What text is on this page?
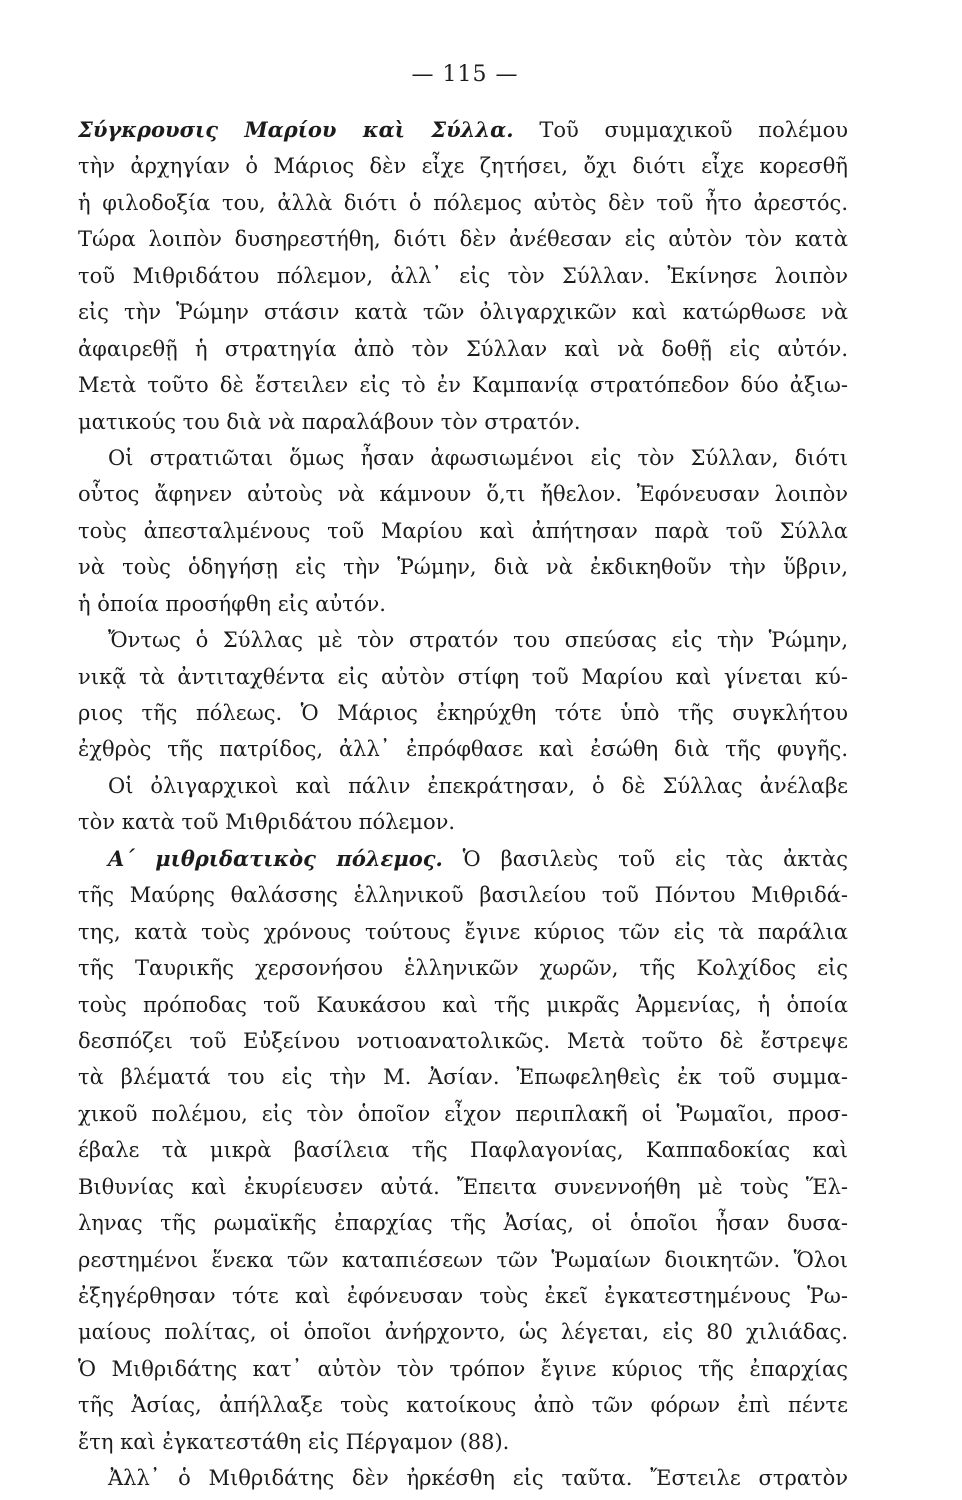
— 115 —
Σύγκρουσις Μαρίου καὶ Σύλλα. Τοῦ συμμαχικοῦ πολέμου
τὴν ἀρχηγίαν ὁ Μάριος δὲν εἶχε ζητήσει, ὄχι διότι εἶχε κορεσθῆ
ἡ φιλοδοξία του, ἀλλὰ διότι ὁ πόλεμος αὐτὸς δὲν τοῦ ἦτο ἀρεστός.
Τώρα λοιπὸν δυσηρεστήθη, διότι δὲν ἀνέθεσαν εἰς αὐτὸν τὸν κατὰ
τοῦ Μιθριδάτου πόλεμον, ἀλλ᾽ εἰς τὸν Σύλλαν. Ἐκίνησε λοιπὸν
εἰς τὴν Ῥώμην στάσιν κατὰ τῶν ὀλιγαρχικῶν καὶ κατώρθωσε νὰ
ἀφαιρεθῇ ἡ στρατηγία ἀπὸ τὸν Σύλλαν καὶ νὰ δοθῇ εἰς αὐτόν.
Μετὰ τοῦτο δὲ ἔστειλεν εἰς τὸ ἐν Καμπανίᾳ στρατόπεδον δύο ἀξιω-
ματικούς του διὰ νὰ παραλάβουν τὸν στρατόν.
Οἱ στρατιῶται ὅμως ἦσαν ἀφωσιωμένοι εἰς τὸν Σύλλαν, διότι
οὗτος ἄφηνεν αὐτοὺς νὰ κάμνουν ὅ,τι ἤθελον. Ἐφόνευσαν λοιπὸν
τοὺς ἀπεσταλμένους τοῦ Μαρίου καὶ ἀπήτησαν παρὰ τοῦ Σύλλα
νὰ τοὺς ὁδηγήσῃ εἰς τὴν Ῥώμην, διὰ νὰ ἐκδικηθοῦν τὴν ὕβριν,
ἡ ὁποία προσήφθη εἰς αὐτόν.
Ὄντως ὁ Σύλλας μὲ τὸν στρατόν του σπεύσας εἰς τὴν Ῥώμην,
νικᾷ τὰ ἀντιταχθέντα εἰς αὐτὸν στίφη τοῦ Μαρίου καὶ γίνεται κύ-
ριος τῆς πόλεως. Ὁ Μάριος ἐκηρύχθη τότε ὑπὸ τῆς συγκλήτου
ἐχθρὸς τῆς πατρίδος, ἀλλ᾽ ἐπρόφθασε καὶ ἐσώθη διὰ τῆς φυγῆς.
Οἱ ὀλιγαρχικοὶ καὶ πάλιν ἐπεκράτησαν, ὁ δὲ Σύλλας ἀνέλαβε
τὸν κατὰ τοῦ Μιθριδάτου πόλεμον.
Α΄ μιθριδατικὸς πόλεμος. Ὁ βασιλεὺς τοῦ εἰς τὰς ἀκτὰς
τῆς Μαύρης θαλάσσης ἑλληνικοῦ βασιλείου τοῦ Πόντου Μιθριδά-
της, κατὰ τοὺς χρόνους τούτους ἔγινε κύριος τῶν εἰς τὰ παράλια
τῆς Ταυρικῆς χερσονήσου ἑλληνικῶν χωρῶν, τῆς Κολχίδος εἰς
τοὺς πρόποδας τοῦ Καυκάσου καὶ τῆς μικρᾶς Ἀρμενίας, ἡ ὁποία
δεσπόζει τοῦ Εὐξείνου νοτιοανατολικῶς. Μετὰ τοῦτο δὲ ἔστρεψε
τὰ βλέματά του εἰς τὴν Μ. Ἀσίαν. Ἐπωφεληθεὶς ἐκ τοῦ συμμα-
χικοῦ πολέμου, εἰς τὸν ὁποῖον εἶχον περιπλακῆ οἱ Ῥωμαῖοι, προσ-
έβαλε τὰ μικρὰ βασίλεια τῆς Παφλαγονίας, Καππαδοκίας καὶ
Βιθυνίας καὶ ἐκυρίευσεν αὐτά. Ἔπειτα συνεννοήθη μὲ τοὺς Ἕλ-
ληνας τῆς ρωμαϊκῆς ἐπαρχίας τῆς Ἀσίας, οἱ ὁποῖοι ἦσαν δυσα-
ρεστημένοι ἕνεκα τῶν καταπιέσεων τῶν Ῥωμαίων διοικητῶν. Ὅλοι
ἐξηγέρθησαν τότε καὶ ἐφόνευσαν τοὺς ἐκεῖ ἐγκατεστημένους Ῥω-
μαίους πολίτας, οἱ ὁποῖοι ἀνήρχοντο, ὡς λέγεται, εἰς 80 χιλιάδας.
Ὁ Μιθριδάτης κατ᾽ αὐτὸν τὸν τρόπον ἔγινε κύριος τῆς ἐπαρχίας
τῆς Ἀσίας, ἀπήλλαξε τοὺς κατοίκους ἀπὸ τῶν φόρων ἐπὶ πέντε
ἔτη καὶ ἐγκατεστάθη εἰς Πέργαμον (88).
Ἀλλ᾽ ὁ Μιθριδάτης δὲν ἠρκέσθη εἰς ταῦτα. Ἔστειλε στρατὸν
